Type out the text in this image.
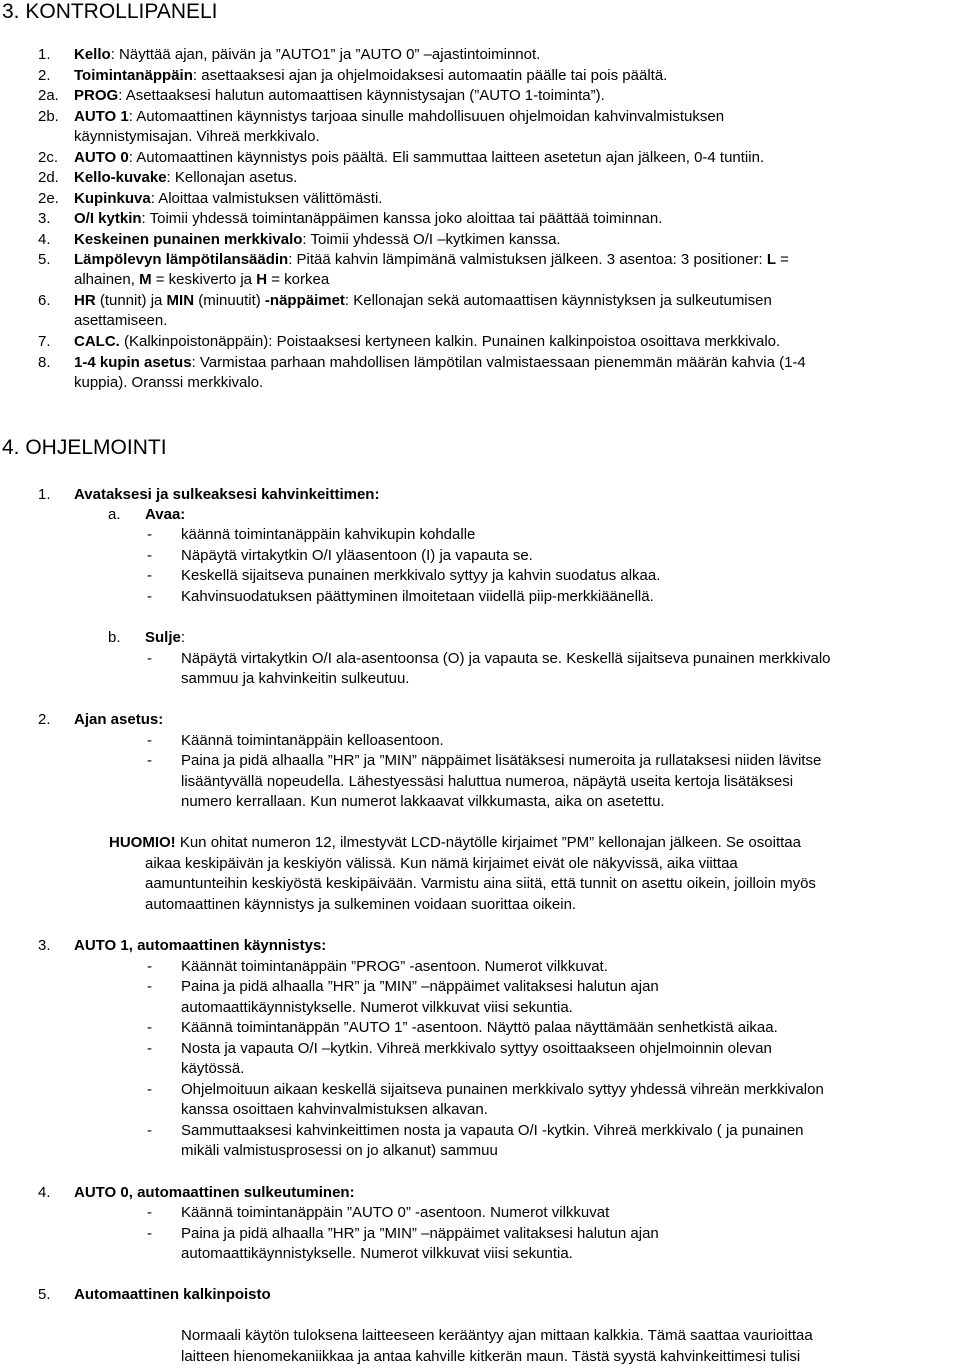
3. KONTROLLIPANELI
1. Kello: Näyttää ajan, päivän ja ”AUTO1” ja ”AUTO 0” –ajastintoiminnot.
2. Toimintanäppäin: asettaaksesi ajan ja ohjelmoidaksesi automaatin päälle tai pois päältä.
2a. PROG: Asettaaksesi halutun automaattisen käynnistysajan (”AUTO 1-toiminta”).
2b. AUTO 1: Automaattinen käynnistys tarjoaa sinulle mahdollisuuen ohjelmoidan kahvinvalmistuksen
käynnistymisajan. Vihreä merkkivalo.
2c. AUTO 0: Automaattinen käynnistys pois päältä. Eli sammuttaa laitteen asetetun ajan jälkeen, 0-4 tuntiin.
2d. Kello-kuvake: Kellonajan asetus.
2e. Kupinkuva: Aloittaa valmistuksen välittömästi.
3. O/I kytkin: Toimii yhdessä toimintanäppäimen kanssa joko aloittaa tai päättää toiminnan.
4. Keskeinen punainen merkkivalo: Toimii yhdessä O/I –kytkimen kanssa.
5. Lämpölevyn lämpötilansäädin: Pitää kahvin lämpimänä valmistuksen jälkeen. 3 asentoa: 3 positioner: L =
alhainen, M = keskiverto ja H = korkea
6. HR (tunnit) ja MIN (minuutit) -näppäimet: Kellonajan sekä automaattisen käynnistyksen ja sulkeutumisen
asettamiseen.
7. CALC. (Kalkinpoistonäppäin): Poistaaksesi kertyneen kalkin. Punainen kalkinpoistoa osoittava merkkivalo.
8. 1-4 kupin asetus: Varmistaa parhaan mahdollisen lämpötilan valmistaessaan pienemmän määrän kahvia (1-4
kuppia). Oranssi merkkivalo.
4. OHJELMOINTI
1. Avataksesi ja sulkeaksesi kahvinkeittimen:
a. Avaa:
- käännä toimintanäppäin kahvikupin kohdalle
- Näpäytä virtakytkin O/I yläasentoon (I) ja vapauta se.
- Keskellä sijaitseva punainen merkkivalo syttyy ja kahvin suodatus alkaa.
- Kahvinsuodatuksen päättyminen ilmoitetaan viidellä piip-merkkiäänellä.
b. Sulje:
- Näpäytä virtakytkin O/I ala-asentoonsa (O) ja vapauta se. Keskellä sijaitseva punainen merkkivalo
sammuu ja kahvinkeitin sulkeutuu.
2. Ajan asetus:
- Käännä toimintanäppäin kelloasentoon.
- Paina ja pidä alhaalla ”HR” ja ”MIN” näppäimet lisätäksesi numeroita ja rullataksesi niiden lävitse
lisääntyvällä nopeudella. Lähestyessäsi haluttua numeroa, näpäytä useita kertoja lisätäksesi
numero kerrallaan. Kun numerot lakkaavat vilkkumasta, aika on asetettu.
HUOMIO! Kun ohitat numeron 12, ilmestyvät LCD-näytölle kirjaimet ”PM” kellonajan jälkeen. Se osoittaa
aikaa keskipäivän ja keskiyön välissä. Kun nämä kirjaimet eivät ole näkyvissä, aika viittaa
aamuntunteihin keskiyöstä keskipäivään. Varmistu aina siitä, että tunnit on asettu oikein, joilloin myös
automaattinen käynnistys ja sulkeminen voidaan suorittaa oikein.
3. AUTO 1, automaattinen käynnistys:
- Käännät toimintanäppäin ”PROG” -asentoon. Numerot vilkkuvat.
- Paina ja pidä alhaalla ”HR” ja ”MIN” –näppäimet valitaksesi halutun ajan
automaattikäynnistykselle. Numerot vilkkuvat viisi sekuntia.
- Käännä toimintanäppän ”AUTO 1” -asentoon. Näyttö palaa näyttämään senhetkistä aikaa.
- Nosta ja vapauta O/I –kytkin. Vihreä merkkivalo syttyy osoittaakseen ohjelmoinnin olevan
käytössä.
- Ohjelmoituun aikaan keskellä sijaitseva punainen merkkivalo syttyy yhdessä vihreän merkkivalon
kanssa osoittaen kahvinvalmistuksen alkavan.
- Sammuttaaksesi kahvinkeittimen nosta ja vapauta O/I -kytkin. Vihreä merkkivalo ( ja punainen
mikäli valmistusprosessi on jo alkanut) sammuu
4. AUTO 0, automaattinen sulkeutuminen:
- Käännä toimintanäppäin ”AUTO 0” -asentoon. Numerot vilkkuvat
- Paina ja pidä alhaalla ”HR” ja ”MIN” –näppäimet valitaksesi halutun ajan
automaattikäynnistykselle. Numerot vilkkuvat viisi sekuntia.
5. Automaattinen kalkinpoisto
Normaali käytön tuloksena laitteeseen kerääntyy ajan mittaan kalkkia. Tämä saattaa vaurioittaa
laitteen hienomekaniikkaa ja antaa kahville kitkerän maun. Tästä syystä kahvinkeittimesi tulisi
